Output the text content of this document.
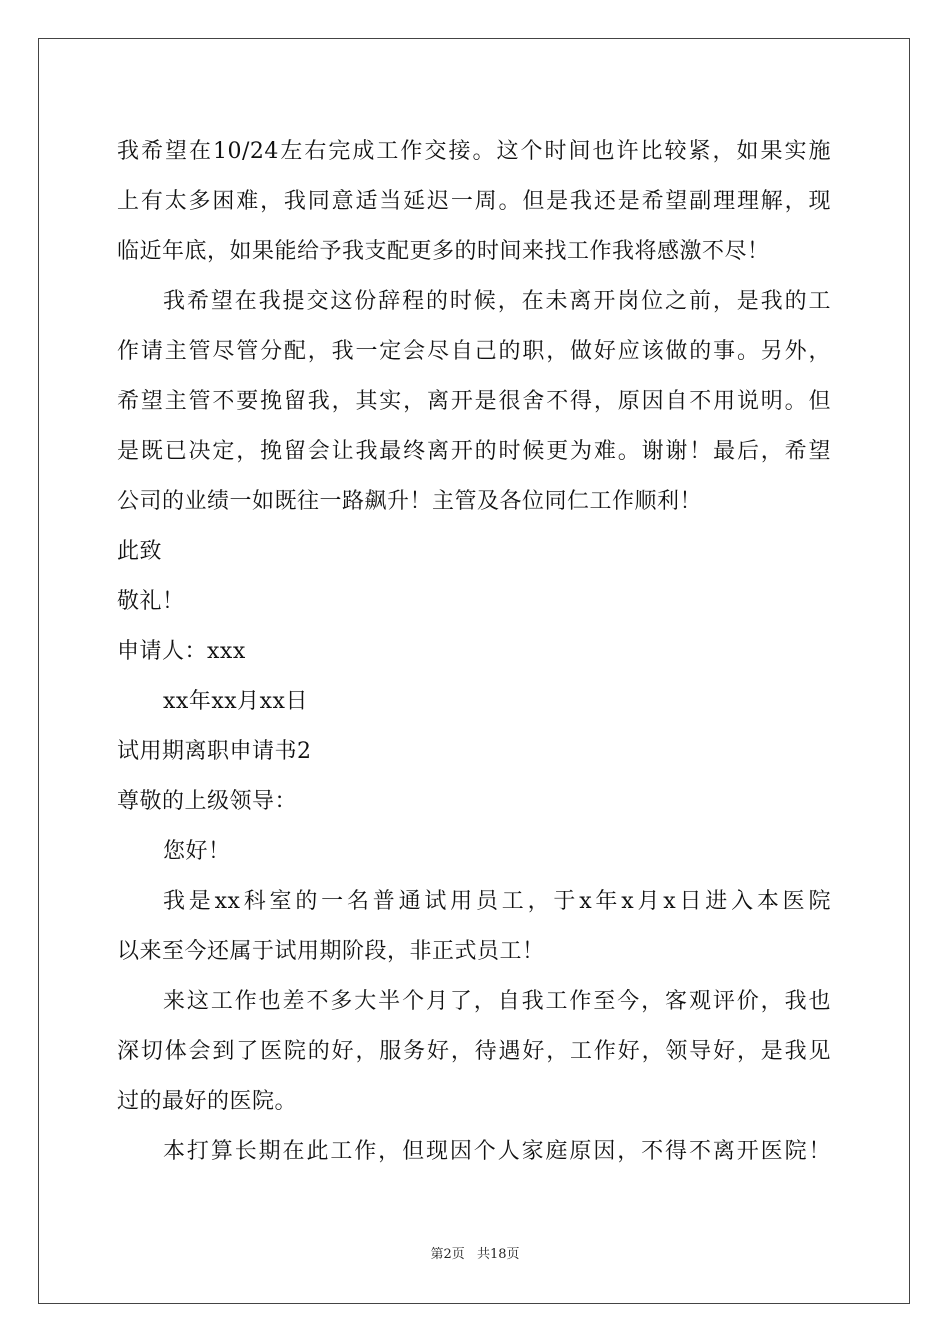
我希望在10/24左右完成工作交接。这个时间也许比较紧，如果实施
上有太多困难，我同意适当延迟一周。但是我还是希望副理理解，现
临近年底，如果能给予我支配更多的时间来找工作我将感激不尽！
我希望在我提交这份辞程的时候，在未离开岗位之前，是我的工
作请主管尽管分配，我一定会尽自己的职，做好应该做的事。另外，
希望主管不要挽留我，其实，离开是很舍不得，原因自不用说明。但
是既已决定，挽留会让我最终离开的时候更为难。谢谢！最后，希望
公司的业绩一如既往一路飙升！主管及各位同仁工作顺利！
此致
敬礼！
申请人：xxx
xx年xx月xx日
试用期离职申请书2
尊敬的上级领导：
您好！
我是xx科室的一名普通试用员工，于x年x月x日进入本医院
以来至今还属于试用期阶段，非正式员工！
来这工作也差不多大半个月了，自我工作至今，客观评价，我也
深切体会到了医院的好，服务好，待遇好，工作好，领导好，是我见
过的最好的医院。
本打算长期在此工作，但现因个人家庭原因，不得不离开医院！
第2页 共18页
